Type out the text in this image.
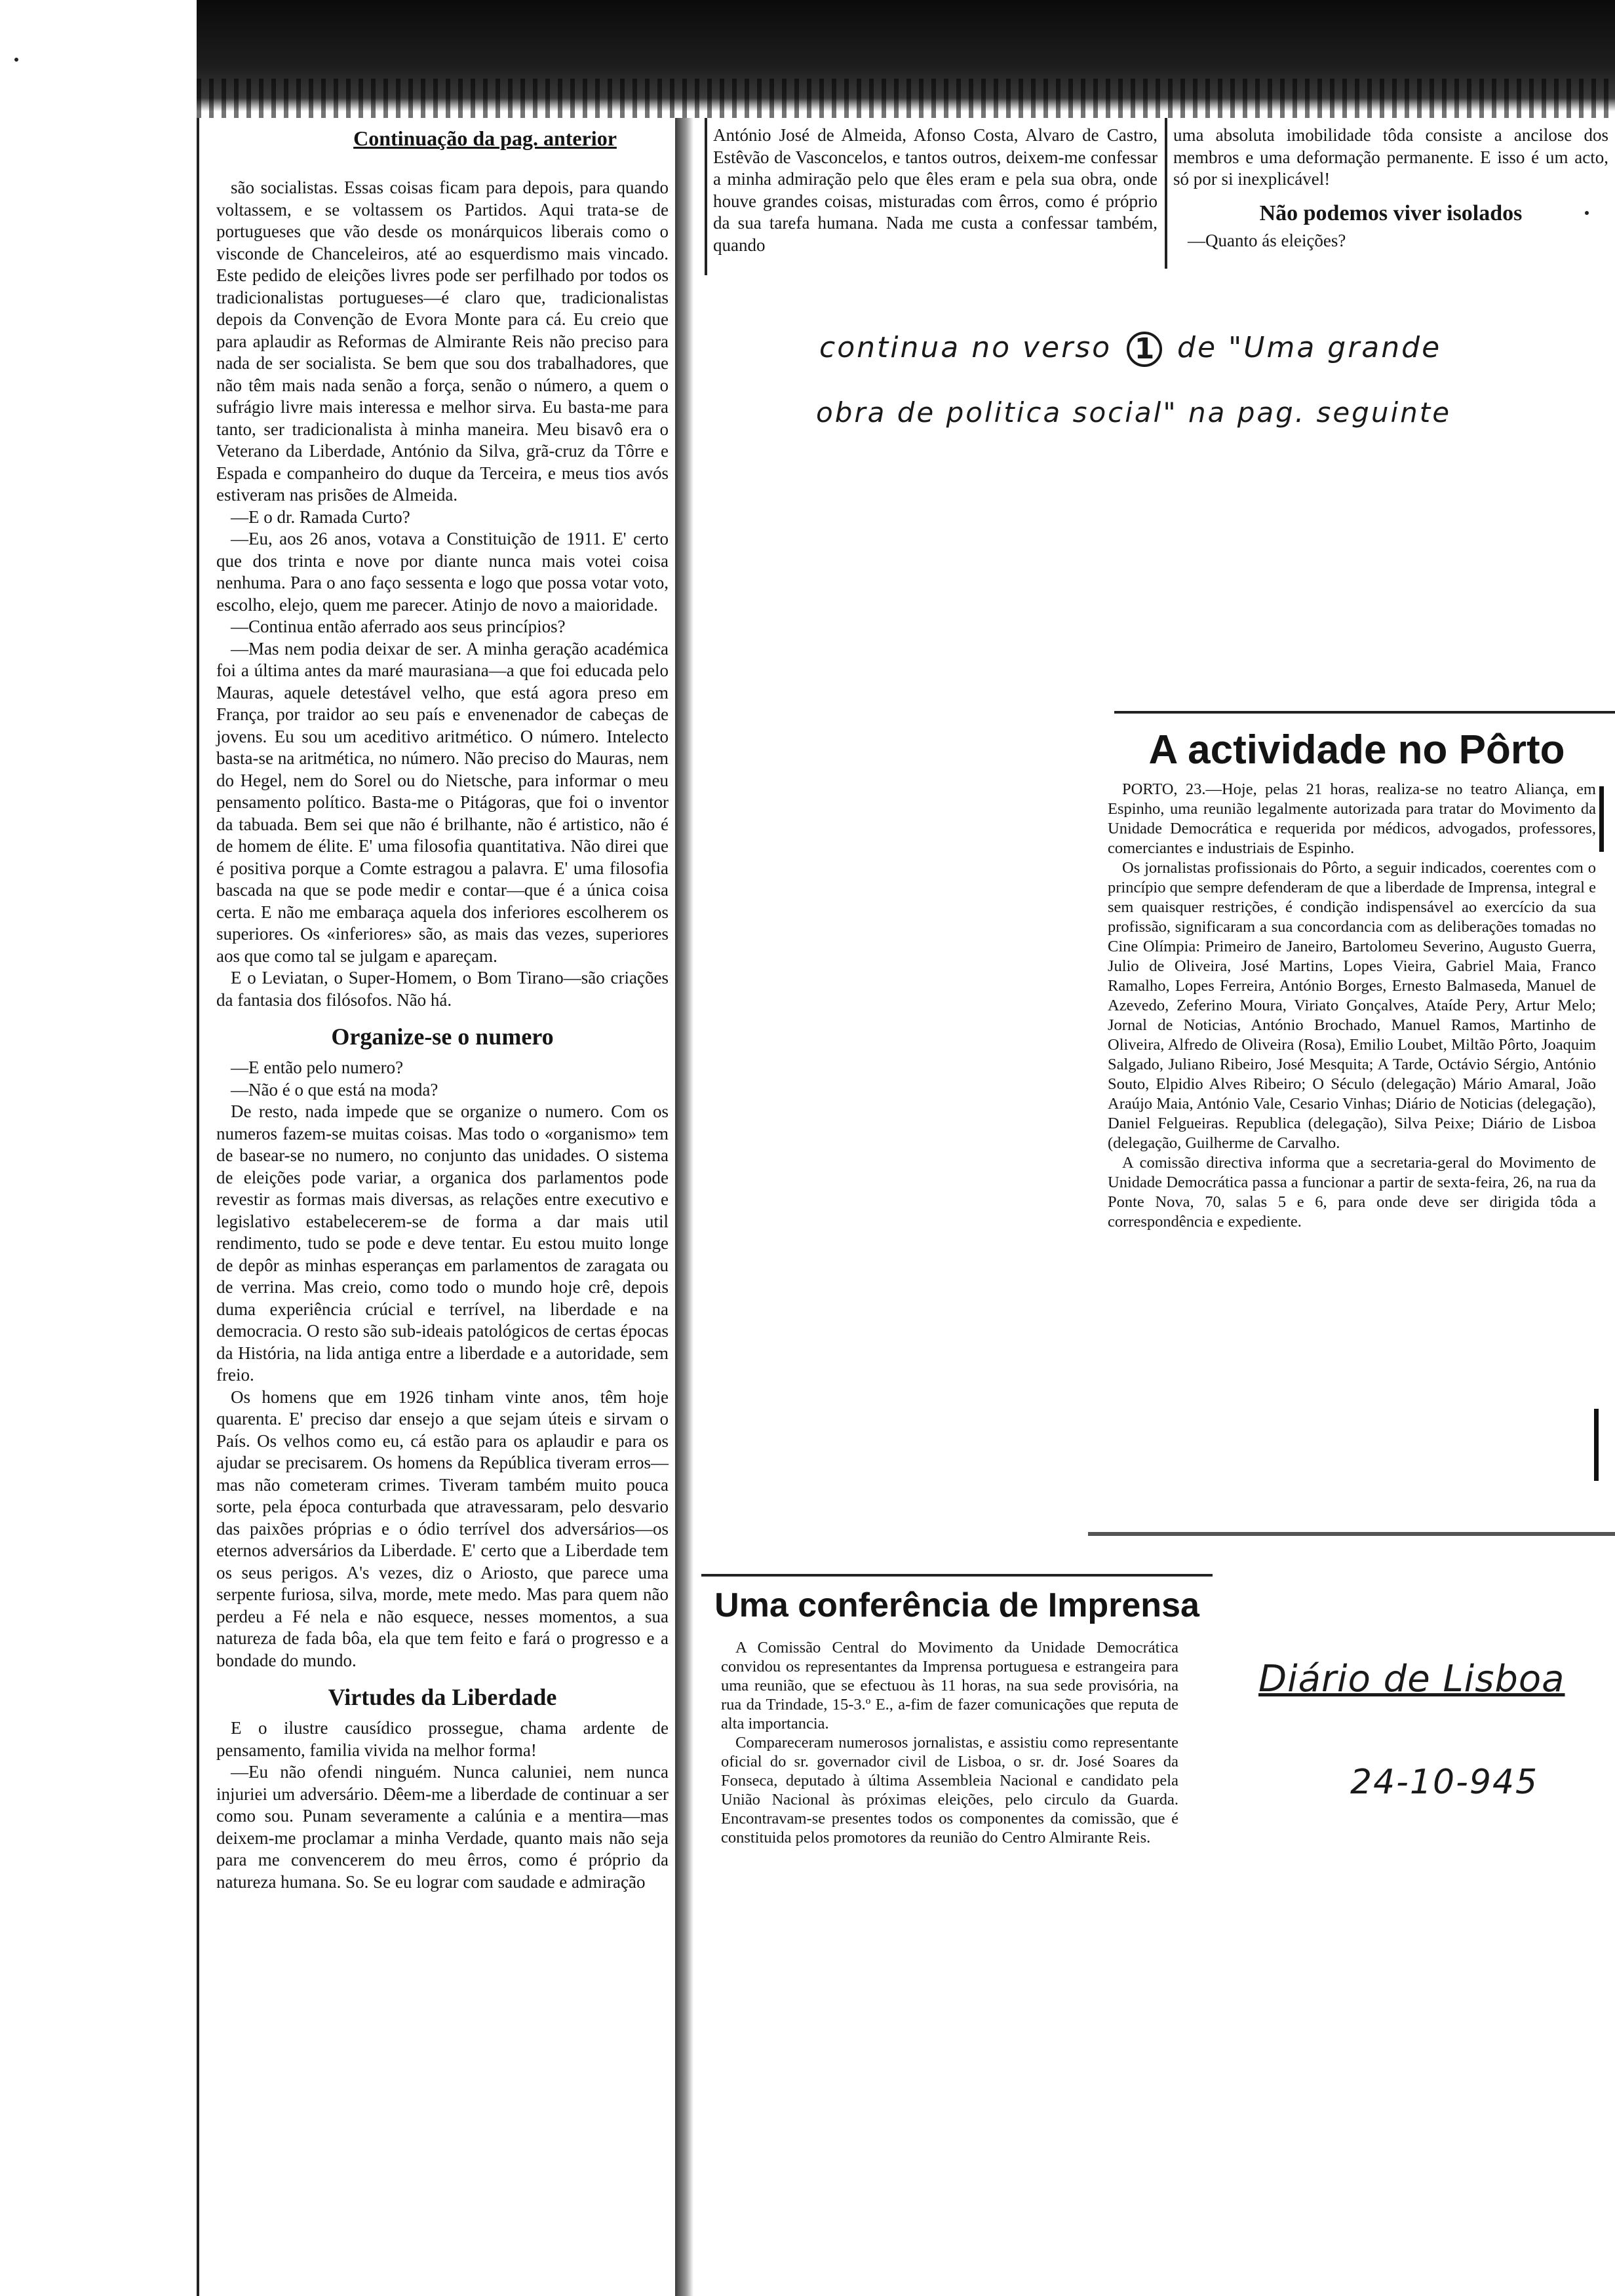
Continuação da pag. anterior

são socialistas. Essas coisas ficam para depois, para quando voltassem, e se voltassem os Partidos. Aqui trata-se de portugueses que vão desde os monárquicos liberais como o visconde de Chanceleiros, até ao esquerdismo mais vincado. Este pedido de eleições livres pode ser perfilhado por todos os tradicionalistas portugueses—é claro que, tradicionalistas depois da Convenção de Evora Monte para cá. Eu creio que para aplaudir as Reformas de Almirante Reis não preciso para nada de ser socialista. Se bem que sou dos trabalhadores, que não têm mais nada senão a força, senão o número, a quem o sufrágio livre mais interessa e melhor sirva. Eu basta-me para tanto, ser tradicionalista à minha maneira. Meu bisavô era o Veterano da Liberdade, António da Silva, grã-cruz da Tôrre e Espada e companheiro do duque da Terceira, e meus tios avós estiveram nas prisões de Almeida.

—E o dr. Ramada Curto?

—Eu, aos 26 anos, votava a Constituição de 1911. E' certo que dos trinta e nove por diante nunca mais votei coisa nenhuma. Para o ano faço sessenta e logo que possa votar voto, escolho, elejo, quem me parecer. Atinjo de novo a maioridade.

—Continua então aferrado aos seus princípios?

—Mas nem podia deixar de ser. A minha geração académica foi a última antes da maré maurasiana—a que foi educada pelo Mauras, aquele detestável velho, que está agora preso em França, por traidor ao seu país e envenenador de cabeças de jovens. Eu sou um aceditivo aritmético. O número. Intelecto basta-se na aritmética, no número. Não preciso do Mauras, nem do Hegel, nem do Sorel ou do Nietsche, para informar o meu pensamento político. Basta-me o Pitágoras, que foi o inventor da tabuada. Bem sei que não é brilhante, não é artistico, não é de homem de élite. E' uma filosofia quantitativa. Não direi que é positiva porque a Comte estragou a palavra. E' uma filosofia bascada na que se pode medir e contar—que é a única coisa certa. E não me embaraça aquela dos inferiores escolherem os superiores. Os «inferiores» são, as mais das vezes, superiores aos que como tal se julgam e apareçam.

E o Leviatan, o Super-Homem, o Bom Tirano—são criações da fantasia dos filósofos. Não há.

Organize-se o numero

—E então pelo numero?

—Não é o que está na moda?

De resto, nada impede que se organize o numero. Com os numeros fazem-se muitas coisas. Mas todo o «organismo» tem de basear-se no numero, no conjunto das unidades. O sistema de eleições pode variar, a organica dos parlamentos pode revestir as formas mais diversas, as relações entre executivo e legislativo estabelecerem-se de forma a dar mais util rendimento, tudo se pode e deve tentar. Eu estou muito longe de depôr as minhas esperanças em parlamentos de zaragata ou de verrina. Mas creio, como todo o mundo hoje crê, depois duma experiência crúcial e terrível, na liberdade e na democracia. O resto são sub-ideais patológicos de certas épocas da História, na lida antiga entre a liberdade e a autoridade, sem freio.

Os homens que em 1926 tinham vinte anos, têm hoje quarenta. E' preciso dar ensejo a que sejam úteis e sirvam o País. Os velhos como eu, cá estão para os aplaudir e para os ajudar se precisarem. Os homens da República tiveram erros—mas não cometeram crimes. Tiveram também muito pouca sorte, pela época conturbada que atravessaram, pelo desvario das paixões próprias e o ódio terrível dos adversários—os eternos adversários da Liberdade. E' certo que a Liberdade tem os seus perigos. A's vezes, diz o Ariosto, que parece uma serpente furiosa, silva, morde, mete medo. Mas para quem não perdeu a Fé nela e não esquece, nesses momentos, a sua natureza de fada bôa, ela que tem feito e fará o progresso e a bondade do mundo.

Virtudes da Liberdade

E o ilustre causídico prossegue, chama ardente de pensamento, familia vivida na melhor forma!

—Eu não ofendi ninguém. Nunca caluniei, nem nunca injuriei um adversário. Dêem-me a liberdade de continuar a ser como sou. Punam severamente a calúnia e a mentira—mas deixem-me proclamar a minha Verdade, quanto mais não seja para me convencerem do meu êrros, como é próprio da natureza humana. So. Se eu lograr com saudade e admiração

António José de Almeida, Afonso Costa, Alvaro de Castro, Estêvão de Vasconcelos, e tantos outros, deixem-me confessar a minha admiração pelo que êles eram e pela sua obra, onde houve grandes coisas, misturadas com êrros, como é próprio da sua tarefa humana. Nada me custa a confessar também, quando

uma absoluta imobilidade tôda consiste a ancilose dos membros e uma deformação permanente. E isso é um acto, só por si inexplicável!

Não podemos viver isolados

—Quanto ás eleições?

continua no verso 1 de "Uma grande
obra de politica social" na pag. seguinte
A actividade no Pôrto

PORTO, 23.—Hoje, pelas 21 horas, realiza-se no teatro Aliança, em Espinho, uma reunião legalmente autorizada para tratar do Movimento da Unidade Democrática e requerida por médicos, advogados, professores, comerciantes e industriais de Espinho.

Os jornalistas profissionais do Pôrto, a seguir indicados, coerentes com o princípio que sempre defenderam de que a liberdade de Imprensa, integral e sem quaisquer restrições, é condição indispensável ao exercício da sua profissão, significaram a sua concordancia com as deliberações tomadas no Cine Olímpia: Primeiro de Janeiro, Bartolomeu Severino, Augusto Guerra, Julio de Oliveira, José Martins, Lopes Vieira, Gabriel Maia, Franco Ramalho, Lopes Ferreira, António Borges, Ernesto Balmaseda, Manuel de Azevedo, Zeferino Moura, Viriato Gonçalves, Ataíde Pery, Artur Melo; Jornal de Noticias, António Brochado, Manuel Ramos, Martinho de Oliveira, Alfredo de Oliveira (Rosa), Emilio Loubet, Miltão Pôrto, Joaquim Salgado, Juliano Ribeiro, José Mesquita; A Tarde, Octávio Sérgio, António Souto, Elpidio Alves Ribeiro; O Século (delegação) Mário Amaral, João Araújo Maia, António Vale, Cesario Vinhas; Diário de Noticias (delegação), Daniel Felgueiras. Republica (delegação), Silva Peixe; Diário de Lisboa (delegação, Guilherme de Carvalho.

A comissão directiva informa que a secretaria-geral do Movimento de Unidade Democrática passa a funcionar a partir de sexta-feira, 26, na rua da Ponte Nova, 70, salas 5 e 6, para onde deve ser dirigida tôda a correspondência e expediente.

Uma conferência de Imprensa

A Comissão Central do Movimento da Unidade Democrática convidou os representantes da Imprensa portuguesa e estrangeira para uma reunião, que se efectuou às 11 horas, na sua sede provisória, na rua da Trindade, 15-3.º E., a-fim de fazer comunicações que reputa de alta importancia.

Compareceram numerosos jornalistas, e assistiu como representante oficial do sr. governador civil de Lisboa, o sr. dr. José Soares da Fonseca, deputado à última Assembleia Nacional e candidato pela União Nacional às próximas eleições, pelo circulo da Guarda. Encontravam-se presentes todos os componentes da comissão, que é constituida pelos promotores da reunião do Centro Almirante Reis.

Diário de Lisboa
24-10-945
